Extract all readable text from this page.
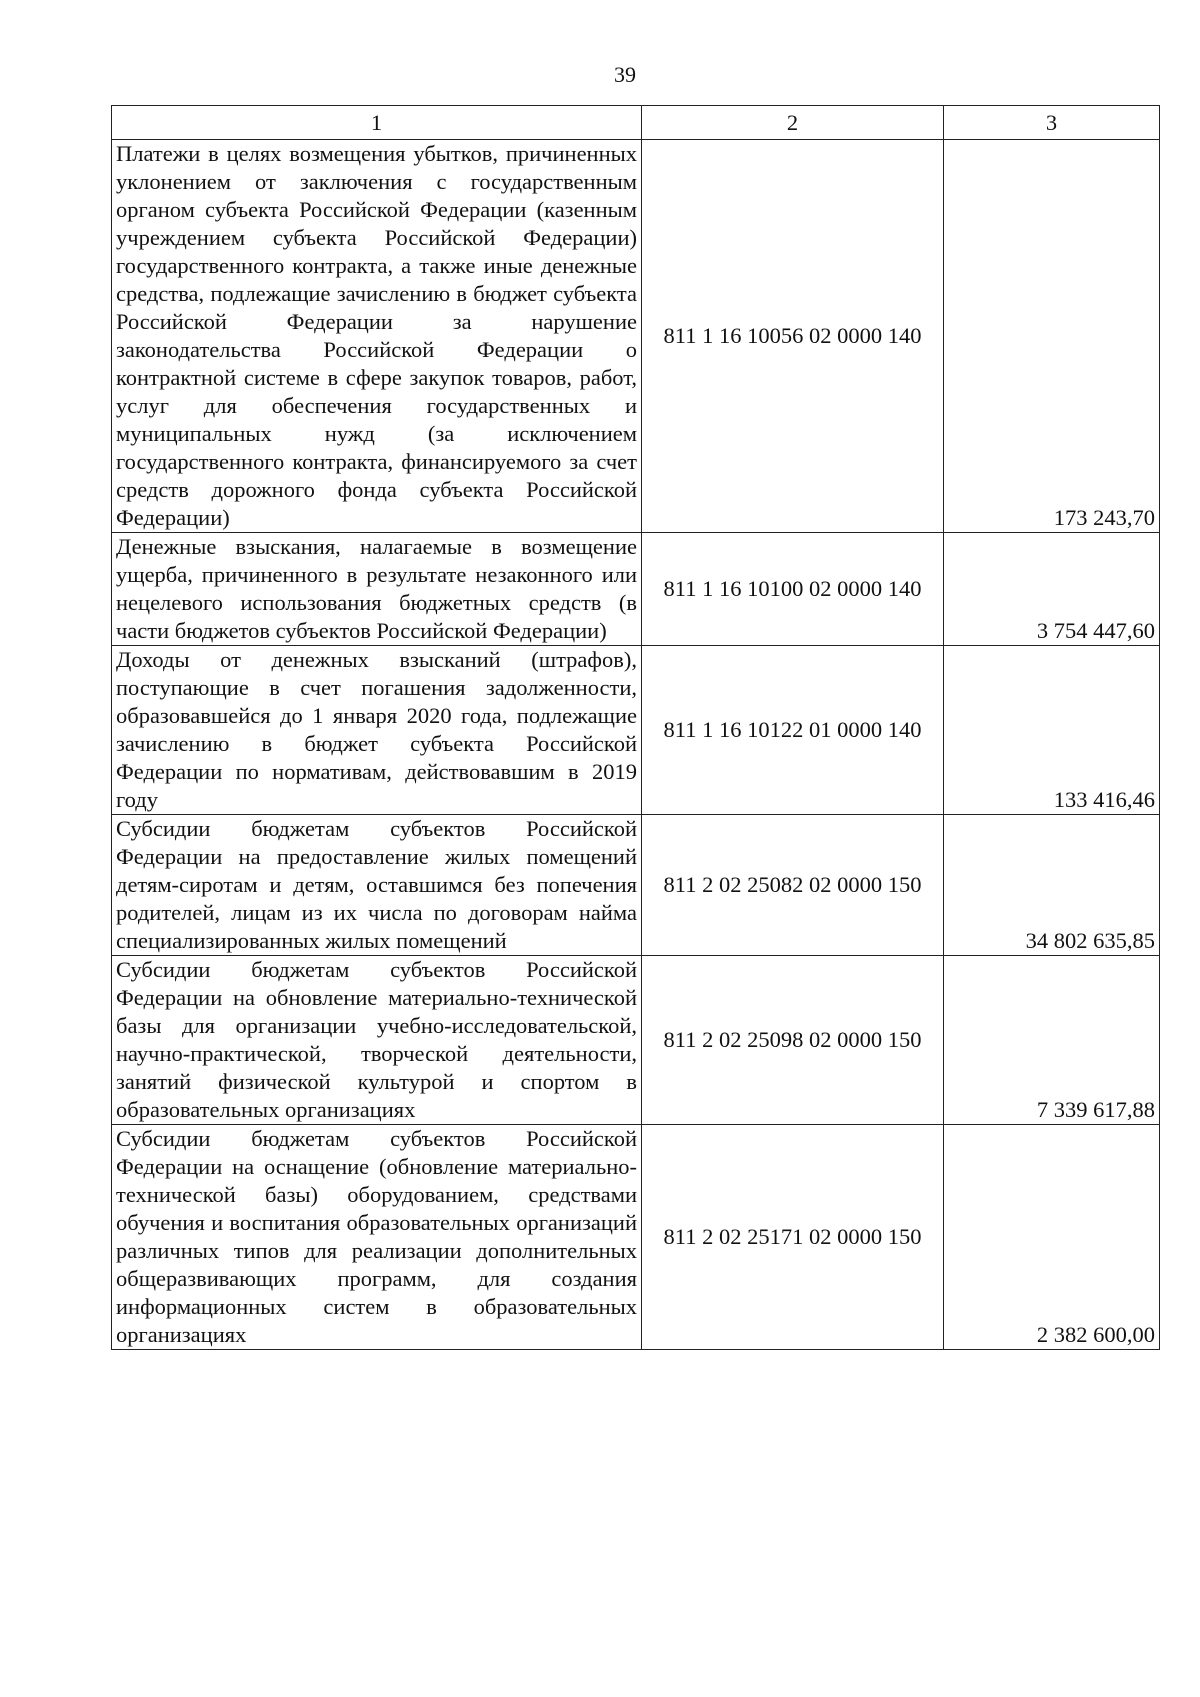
39
1	2	3
Платежи в целях возмещения убытков, причиненных уклонением от заключения с государственным органом субъекта Российской Федерации (казенным учреждением субъекта Российской Федерации) государственного контракта, а также иные денежные средства, подлежащие зачислению в бюджет субъекта Российской Федерации за нарушение законодательства Российской Федерации о контрактной системе в сфере закупок товаров, работ, услуг для обеспечения государственных и муниципальных нужд (за исключением государственного контракта, финансируемого за счет средств дорожного фонда субъекта Российской Федерации)	811 1 16 10056 02 0000 140	173 243,70
Денежные взыскания, налагаемые в возмещение ущерба, причиненного в результате незаконного или нецелевого использования бюджетных средств (в части бюджетов субъектов Российской Федерации)	811 1 16 10100 02 0000 140	3 754 447,60
Доходы от денежных взысканий (штрафов), поступающие в счет погашения задолженности, образовавшейся до 1 января 2020 года, подлежащие зачислению в бюджет субъекта Российской Федерации по нормативам, действовавшим в 2019 году	811 1 16 10122 01 0000 140	133 416,46
Субсидии бюджетам субъектов Российской Федерации на предоставление жилых помещений детям-сиротам и детям, оставшимся без попечения родителей, лицам из их числа по договорам найма специализированных жилых помещений	811 2 02 25082 02 0000 150	34 802 635,85
Субсидии бюджетам субъектов Российской Федерации на обновление материально-технической базы для организации учебно-исследовательской, научно-практической, творческой деятельности, занятий физической культурой и спортом в образовательных организациях	811 2 02 25098 02 0000 150	7 339 617,88
Субсидии бюджетам субъектов Российской Федерации на оснащение (обновление материально-технической базы) оборудованием, средствами обучения и воспитания образовательных организаций различных типов для реализации дополнительных общеразвивающих программ, для создания информационных систем в образовательных организациях	811 2 02 25171 02 0000 150	2 382 600,00
